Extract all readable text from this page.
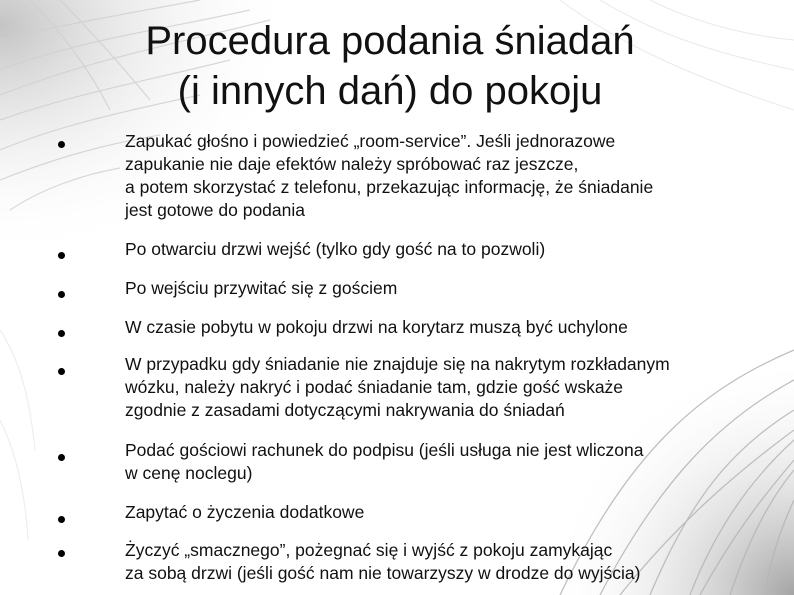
Procedura podania śniadań
(i innych dań) do pokoju
Zapukać głośno i powiedzieć „room-service”. Jeśli jednorazowe
zapukanie nie daje efektów należy spróbować raz jeszcze,
a potem skorzystać z telefonu, przekazując informację, że śniadanie
jest gotowe do podania
Po otwarciu drzwi wejść (tylko gdy gość na to pozwoli)
Po wejściu przywitać się z gościem
W czasie pobytu w pokoju drzwi na korytarz muszą być uchylone
W przypadku gdy śniadanie nie znajduje się na nakrytym rozkładanym
wózku, należy nakryć i podać śniadanie tam, gdzie gość wskaże
zgodnie z zasadami dotyczącymi nakrywania do śniadań
Podać gościowi rachunek do podpisu (jeśli usługa nie jest wliczona
w cenę noclegu)
Zapytać o życzenia dodatkowe
Życzyć „smacznego”, pożegnać się i wyjść z pokoju zamykając
za sobą drzwi (jeśli gość nam nie towarzyszy w drodze do wyjścia)
